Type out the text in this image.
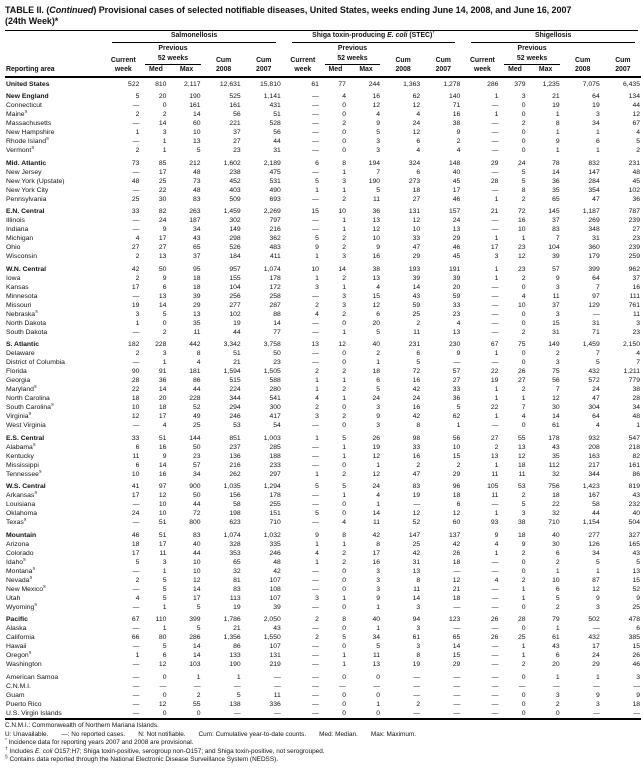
TABLE II. (Continued) Provisional cases of selected notifiable diseases, United States, weeks ending June 14, 2008, and June 16, 2007
(24th Week)*

	Salmonellosis					Shiga toxin-producing E. coli (STEC)†					Shigellosis				

	Current	
Previous
52 weeks	Cum	Cum	Current	
Previous
52 weeks	Cum	Cum	Current	
Previous
52 weeks	Cum	Cum
Reporting area	week	Med	Max	2008	2007	week	Med	Max	2008	2007	week	Med	Max	2008	2007
United States	522	810	2,117	12,631	15,810	61	77	244	1,363	1,278	286	379	1,235	7,075	6,435
New England	5	20	190	525	1,141	—	4	16	62	140	1	3	21	64	134
Connecticut	—	0	161	161	431	—	0	12	12	71	—	0	19	19	44
Maine§	2	2	14	56	51	—	0	4	4	16	1	0	1	3	12
Massachusetts	—	14	60	221	528	—	2	9	24	38	—	2	8	34	67
New Hampshire	1	3	10	37	56	—	0	5	12	9	—	0	1	1	4
Rhode Island§	—	1	13	27	44	—	0	3	6	2	—	0	9	6	5
Vermont§	2	1	5	23	31	—	0	3	4	4	—	0	1	1	2
Mid. Atlantic	73	85	212	1,602	2,189	6	8	194	324	148	29	24	78	832	231
New Jersey	—	17	48	238	475	—	1	7	6	40	—	5	14	147	48
New York (Upstate)	48	25	73	452	531	5	3	190	273	45	28	5	36	284	45
New York City	—	22	48	403	490	1	1	5	18	17	—	8	35	354	102
Pennsylvania	25	30	83	509	693	—	2	11	27	46	1	2	65	47	36
E.N. Central	33	82	263	1,459	2,269	15	10	36	131	157	21	72	145	1,187	787
Illinois	—	24	187	302	797	—	1	13	12	24	—	16	37	269	239
Indiana	—	9	34	149	216	—	1	12	10	13	—	10	83	348	27
Michigan	4	17	43	298	362	5	2	10	33	29	1	1	7	31	23
Ohio	27	27	65	526	483	9	2	9	47	46	17	23	104	360	239
Wisconsin	2	13	37	184	411	1	3	16	29	45	3	12	39	179	259
W.N. Central	42	50	95	957	1,074	10	14	38	193	191	1	23	57	399	962
Iowa	2	9	18	155	178	1	2	13	39	39	1	2	9	64	37
Kansas	17	6	18	104	172	3	1	4	14	20	—	0	3	7	16
Minnesota	—	13	39	256	258	—	3	15	43	59	—	4	11	97	111
Missouri	19	14	29	277	287	2	3	12	59	33	—	10	37	129	761
Nebraska§	3	5	13	102	88	4	2	6	25	23	—	0	3	—	11
North Dakota	1	0	35	19	14	—	0	20	2	4	—	0	15	31	3
South Dakota	—	2	11	44	77	—	1	5	11	13	—	2	31	71	23
S. Atlantic	182	228	442	3,342	3,758	13	12	40	231	230	67	75	149	1,459	2,150
Delaware	2	3	8	51	50	—	0	2	6	9	1	0	2	7	4
District of Columbia	—	1	4	21	23	—	0	1	5	—	—	0	3	5	7
Florida	90	91	181	1,594	1,505	2	2	18	72	57	22	26	75	432	1,211
Georgia	28	36	86	515	588	1	1	6	16	27	19	27	56	572	779
Maryland§	22	14	44	224	280	1	2	5	42	33	1	2	7	24	38
North Carolina	18	20	228	344	541	4	1	24	24	36	1	1	12	47	28
South Carolina§	10	18	52	294	300	2	0	3	16	5	22	7	30	304	34
Virginia§	12	17	49	246	417	3	2	9	42	62	1	4	14	64	48
West Virginia	—	4	25	53	54	—	0	3	8	1	—	0	61	4	1
E.S. Central	33	51	144	851	1,003	1	5	26	98	56	27	55	178	932	547
Alabama§	6	16	50	237	285	—	1	19	33	10	2	13	43	208	218
Kentucky	11	9	23	136	188	—	1	12	16	15	13	12	35	163	82
Mississippi	6	14	57	216	233	—	0	1	2	2	1	18	112	217	161
Tennessee§	10	16	34	262	297	1	2	12	47	29	11	11	32	344	86
W.S. Central	41	97	900	1,035	1,294	5	5	24	83	96	105	53	756	1,423	819
Arkansas§	17	12	50	156	178	—	1	4	19	18	11	2	18	167	43
Louisiana	—	10	44	58	255	—	0	1	—	6	—	5	22	58	232
Oklahoma	24	10	72	198	151	5	0	14	12	12	1	3	32	44	40
Texas§	—	51	800	623	710	—	4	11	52	60	93	38	710	1,154	504
Mountain	46	51	83	1,074	1,032	9	8	42	147	137	9	18	40	277	327
Arizona	18	17	40	328	335	1	1	8	25	42	4	9	30	126	165
Colorado	17	11	44	353	246	4	2	17	42	26	1	2	6	34	43
Idaho§	5	3	10	65	48	1	2	16	31	18	—	0	2	5	5
Montana§	—	1	10	32	42	—	0	3	13	—	—	0	1	1	13
Nevada§	2	5	12	81	107	—	0	3	8	12	4	2	10	87	15
New Mexico§	—	5	14	83	108	—	0	3	11	21	—	1	6	12	52
Utah	4	5	17	113	107	3	1	9	14	18	—	1	5	9	9
Wyoming§	—	1	5	19	39	—	0	1	3	—	—	0	2	3	25
Pacific	67	110	399	1,786	2,050	2	8	40	94	123	26	28	79	502	478
Alaska	—	1	5	21	43	—	0	1	3	—	—	0	1	—	6
California	66	80	286	1,356	1,550	2	5	34	61	65	26	25	61	432	385
Hawaii	—	5	14	86	107	—	0	5	3	14	—	1	43	17	15
Oregon§	1	6	14	133	131	—	1	11	8	15	—	1	6	24	26
Washington	—	12	103	190	219	—	1	13	19	29	—	2	20	29	46
American Samoa	—	0	1	1	—	—	0	0	—	—	—	0	1	1	3
C.N.M.I.	—	—	—	—	—	—	—	—	—	—	—	—	—	—	—
Guam	—	0	2	5	11	—	0	0	—	—	—	0	3	9	9
Puerto Rico	—	12	55	138	336	—	0	1	2	—	—	0	2	3	18
U.S. Virgin Islands	—	0	0	—	—	—	0	0	—	—	—	0	0	—	—
C.N.M.I.: Commonwealth of Northern Mariana Islands.
U: Unavailable. —: No reported cases. N: Not notifiable. Cum: Cumulative year-to-date counts. Med: Median. Max: Maximum.
* Incidence data for reporting years 2007 and 2008 are provisional.
† Includes E. coli O157:H7; Shiga toxin-positive, serogroup non-O157; and Shiga toxin-positive, not serogrouped.
§ Contains data reported through the National Electronic Disease Surveillance System (NEDSS).
